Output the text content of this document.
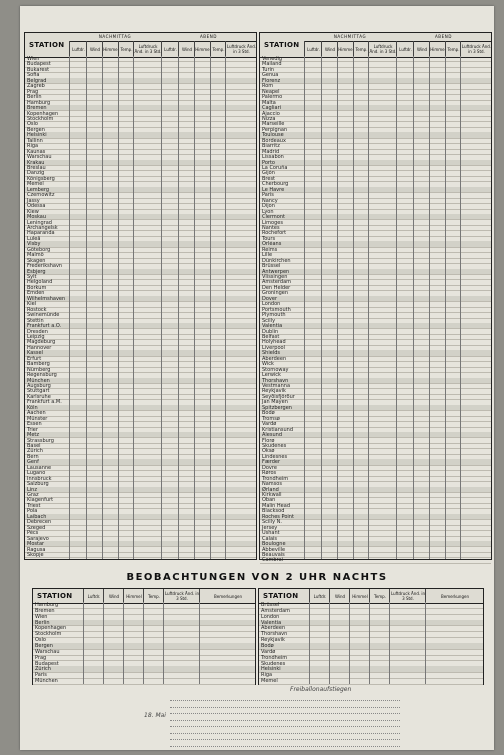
STATION
NACHMITTAG	ABEND
Luftdr.	Wind Himmel Temp.	Luftdruck Änd. in 3 Std. Luftdr.	Wind Himmel Temp. Luftdruck Änd. in 3 Std.
Wien
Budapest
Bukarest
Sofia
Belgrad
Zagreb
Prag
Berlin
Hamburg
Bremen
Kopenhagen
Stockholm
Oslo
Bergen
Helsinki
Tallinn
Riga
Kaunas
Warschau
Krakau
Breslau
Danzig
Königsberg
Memel
Lemberg
Czernowitz
Jassy
Odessa
Kiew
Moskau
Leningrad
Archangelsk
Haparanda
Luleå
Visby
Göteborg
Malmö
Skagen
Frederikshavn
Esbjerg
Sylt
Helgoland
Borkum
Emden
Wilhelmshaven
Kiel
Rostock
Swinemünde
Stettin
Frankfurt a.O.
Dresden
Leipzig
Magdeburg
Hannover
Kassel
Erfurt
Bamberg
Nürnberg
Regensburg
München
Augsburg
Stuttgart
Karlsruhe
Frankfurt a.M.
Köln
Aachen
Münster
Essen
Trier
Metz
Strassburg
Basel
Zürich
Bern
Genf
Lausanne
Lugano
Innsbruck
Salzburg
Linz
Graz
Klagenfurt
Triest
Pola
Laibach
Debrecen
Szeged
Pécs
Sarajevo
Mostar
Ragusa
Skopje
STATION
NACHMITTAG	ABEND
Luftdr.	Wind Himmel Temp.	Luftdruck Änd. in 3 Std. Luftdr.	Wind Himmel Temp. Luftdruck Änd. in 3 Std.
Venedig
Mailand
Turin
Genua
Florenz
Rom
Neapel
Palermo
Malta
Cagliari
Ajaccio
Nizza
Marseille
Perpignan
Toulouse
Bordeaux
Biarritz
Madrid
Lissabon
Porto
La Coruña
Gijón
Brest
Cherbourg
Le Havre
Paris
Nancy
Dijon
Lyon
Clermont
Limoges
Nantes
Rochefort
Tours
Orléans
Reims
Lille
Dünkirchen
Brüssel
Antwerpen
Vlissingen
Amsterdam
Den Helder
Groningen
Dover
London
Portsmouth
Plymouth
Scilly
Valentia
Dublin
Belfast
Holyhead
Liverpool
Shields
Aberdeen
Wick
Stornoway
Lerwick
Thorshavn
Vestmanna
Reykjavík
Seyðisfjörður
Jan Mayen
Spitzbergen
Bodø
Tromsø
Vardø
Kristiansund
Ålesund
Florø
Skudenes
Oksø
Lindesnes
Færder
Dovre
Røros
Trondheim
Namsos
Ørland
Kirkwall
Oban
Malin Head
Blacksod
Roches Point
Scilly N.
Jersey
Ushant
Calais
Boulogne
Abbeville
Beauvais
Cambrai
BEOBACHTUNGEN VON 2 UHR NACHTS
STATION	Luftdr.	Wind	Himmel	Temp.	Luftdruck Änd. in 3 Std.	Bemerkungen
Hamburg
Bremen
Wien
Berlin
Kopenhagen
Stockholm
Oslo
Bergen
Warschau
Prag
Budapest
Zürich
Paris
München
STATION	Luftdr.	Wind	Himmel	Temp.	Luftdruck Änd. in 3 Std.	Bemerkungen
Brüssel
Amsterdam
London
Valentia
Aberdeen
Thorshavn
Reykjavík
Bodø
Vardø
Trondheim
Skudenes
Helsinki
Riga
Memel
Freiballonaufstiegen
18. Mai
